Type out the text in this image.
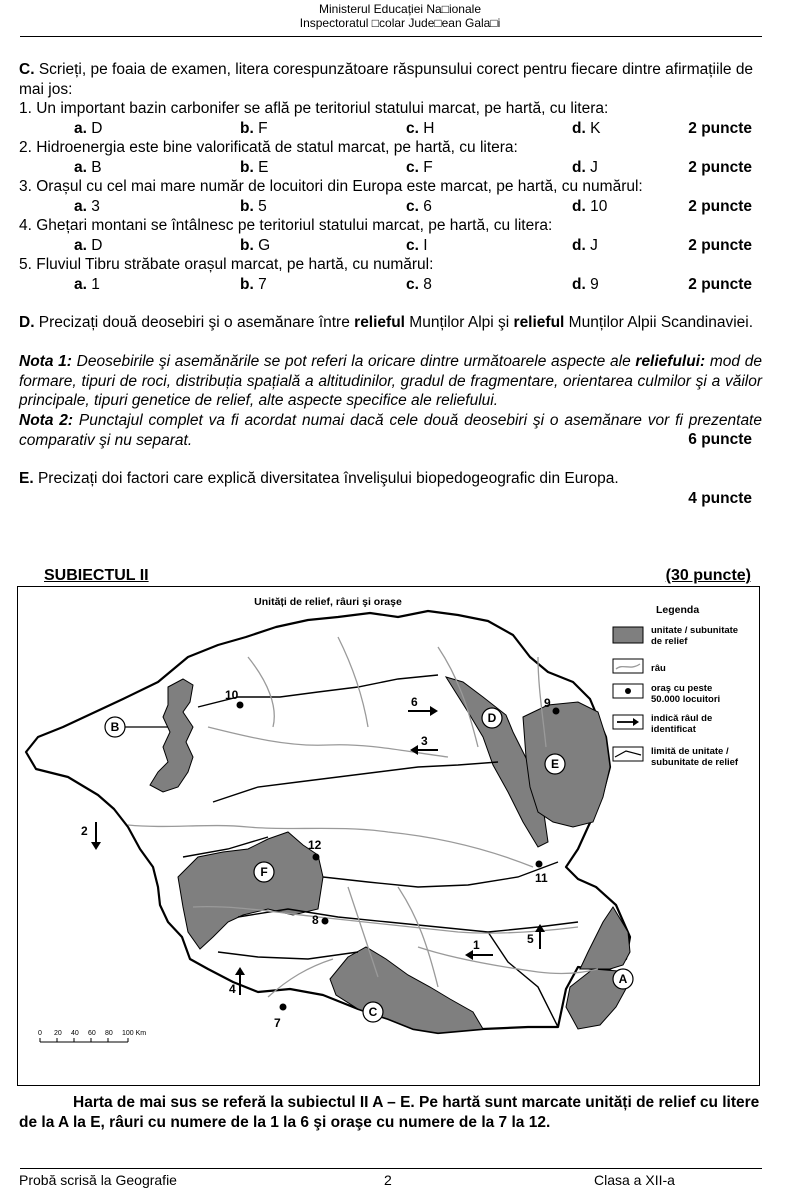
Ministerul Educației Na□ionale
Inspectoratul □colar Jude□ean Gala□i
C. Scrieți, pe foaia de examen, litera corespunzătoare răspunsului corect pentru fiecare dintre afirmațiile de mai jos:
1. Un important bazin carbonifer se află pe teritoriul statului marcat, pe hartă, cu litera:
a. D	b. F	c. H	d. K	2 puncte
2. Hidroenergia este bine valorificată de statul marcat, pe hartă, cu litera:
a. B	b. E	c. F	d. J	2 puncte
3. Orașul cu cel mai mare număr de locuitori din Europa este marcat, pe hartă, cu numărul:
a. 3	b. 5	c. 6	d. 10	2 puncte
4. Ghețari montani se întâlnesc pe teritoriul statului marcat, pe hartă, cu litera:
a. D	b. G	c. I	d. J	2 puncte
5. Fluviul Tibru străbate orașul marcat, pe hartă, cu numărul:
a. 1	b. 7	c. 8	d. 9	2 puncte
D. Precizați două deosebiri şi o asemănare între relieful Munților Alpi şi relieful Munților Alpii Scandinaviei.
Nota 1: Deosebirile şi asemănările se pot referi la oricare dintre următoarele aspecte ale reliefului: mod de formare, tipuri de roci, distribuția spațială a altitudinilor, gradul de fragmentare, orientarea culmilor şi a văilor principale, tipuri genetice de relief, alte aspecte specifice ale reliefului.
Nota 2: Punctajul complet va fi acordat numai dacă cele două deosebiri şi o asemănare vor fi prezentate comparativ şi nu separat.	6 puncte
E. Precizați doi factori care explică diversitatea învelişului biopedogeografic din Europa.
4 puncte
SUBIECTUL II	(30 puncte)
Unități de relief, râuri şi oraşe
0 20 40 60 80 100 Km
B
D
E
F
C
A
10
9
12
11
8
7
6
3
2
1	5
4
Legenda
unitate / subunitate
de relief
râu
oraş cu peste
50.000 locuitori
indică râul de
identificat
limită de unitate /
subunitate de relief
Harta de mai sus se referă la subiectul II A – E. Pe hartă sunt marcate unități de relief cu litere de la A la E, râuri cu numere de la 1 la 6 şi oraşe cu numere de la 7 la 12.
Probă scrisă la Geografie	2	Clasa a XII-a
